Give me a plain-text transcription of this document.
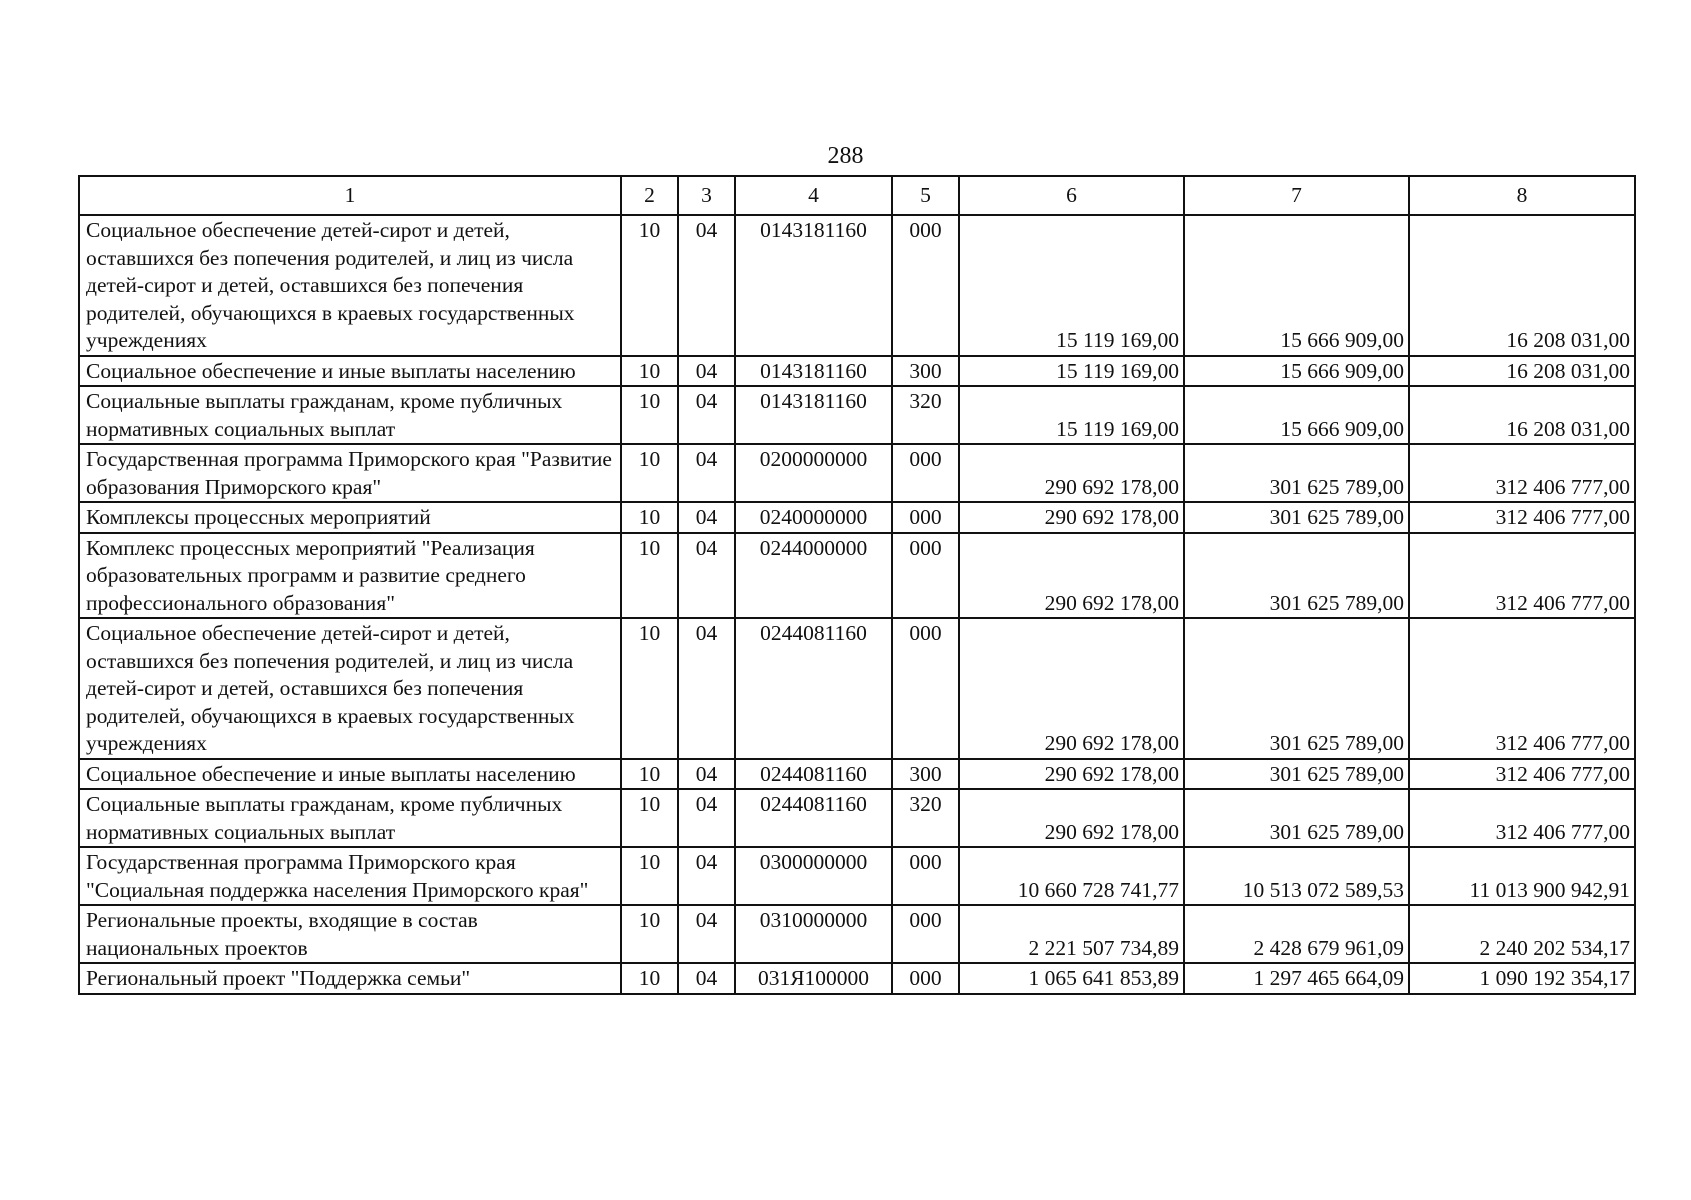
288
1	2	3	4	5	6	7	8
Социальное обеспечение детей-сирот и детей, оставшихся без попечения родителей, и лиц из числа детей-сирот и детей, оставшихся без попечения родителей, обучающихся в краевых государственных учреждениях	10	04	0143181160	000	15 119 169,00	15 666 909,00	16 208 031,00
Социальное обеспечение и иные выплаты населению	10	04	0143181160	300	15 119 169,00	15 666 909,00	16 208 031,00
Социальные выплаты гражданам, кроме публичных нормативных социальных выплат	10	04	0143181160	320	15 119 169,00	15 666 909,00	16 208 031,00
Государственная программа Приморского края "Развитие образования Приморского края"	10	04	0200000000	000	290 692 178,00	301 625 789,00	312 406 777,00
Комплексы процессных мероприятий	10	04	0240000000	000	290 692 178,00	301 625 789,00	312 406 777,00
Комплекс процессных мероприятий "Реализация образовательных программ и развитие среднего профессионального образования"	10	04	0244000000	000	290 692 178,00	301 625 789,00	312 406 777,00
Социальное обеспечение детей-сирот и детей, оставшихся без попечения родителей, и лиц из числа детей-сирот и детей, оставшихся без попечения родителей, обучающихся в краевых государственных учреждениях	10	04	0244081160	000	290 692 178,00	301 625 789,00	312 406 777,00
Социальное обеспечение и иные выплаты населению	10	04	0244081160	300	290 692 178,00	301 625 789,00	312 406 777,00
Социальные выплаты гражданам, кроме публичных нормативных социальных выплат	10	04	0244081160	320	290 692 178,00	301 625 789,00	312 406 777,00
Государственная программа Приморского края "Социальная поддержка населения Приморского края"	10	04	0300000000	000	10 660 728 741,77	10 513 072 589,53	11 013 900 942,91
Региональные проекты, входящие в состав национальных проектов	10	04	0310000000	000	2 221 507 734,89	2 428 679 961,09	2 240 202 534,17
Региональный проект "Поддержка семьи"	10	04	031Я100000	000	1 065 641 853,89	1 297 465 664,09	1 090 192 354,17
